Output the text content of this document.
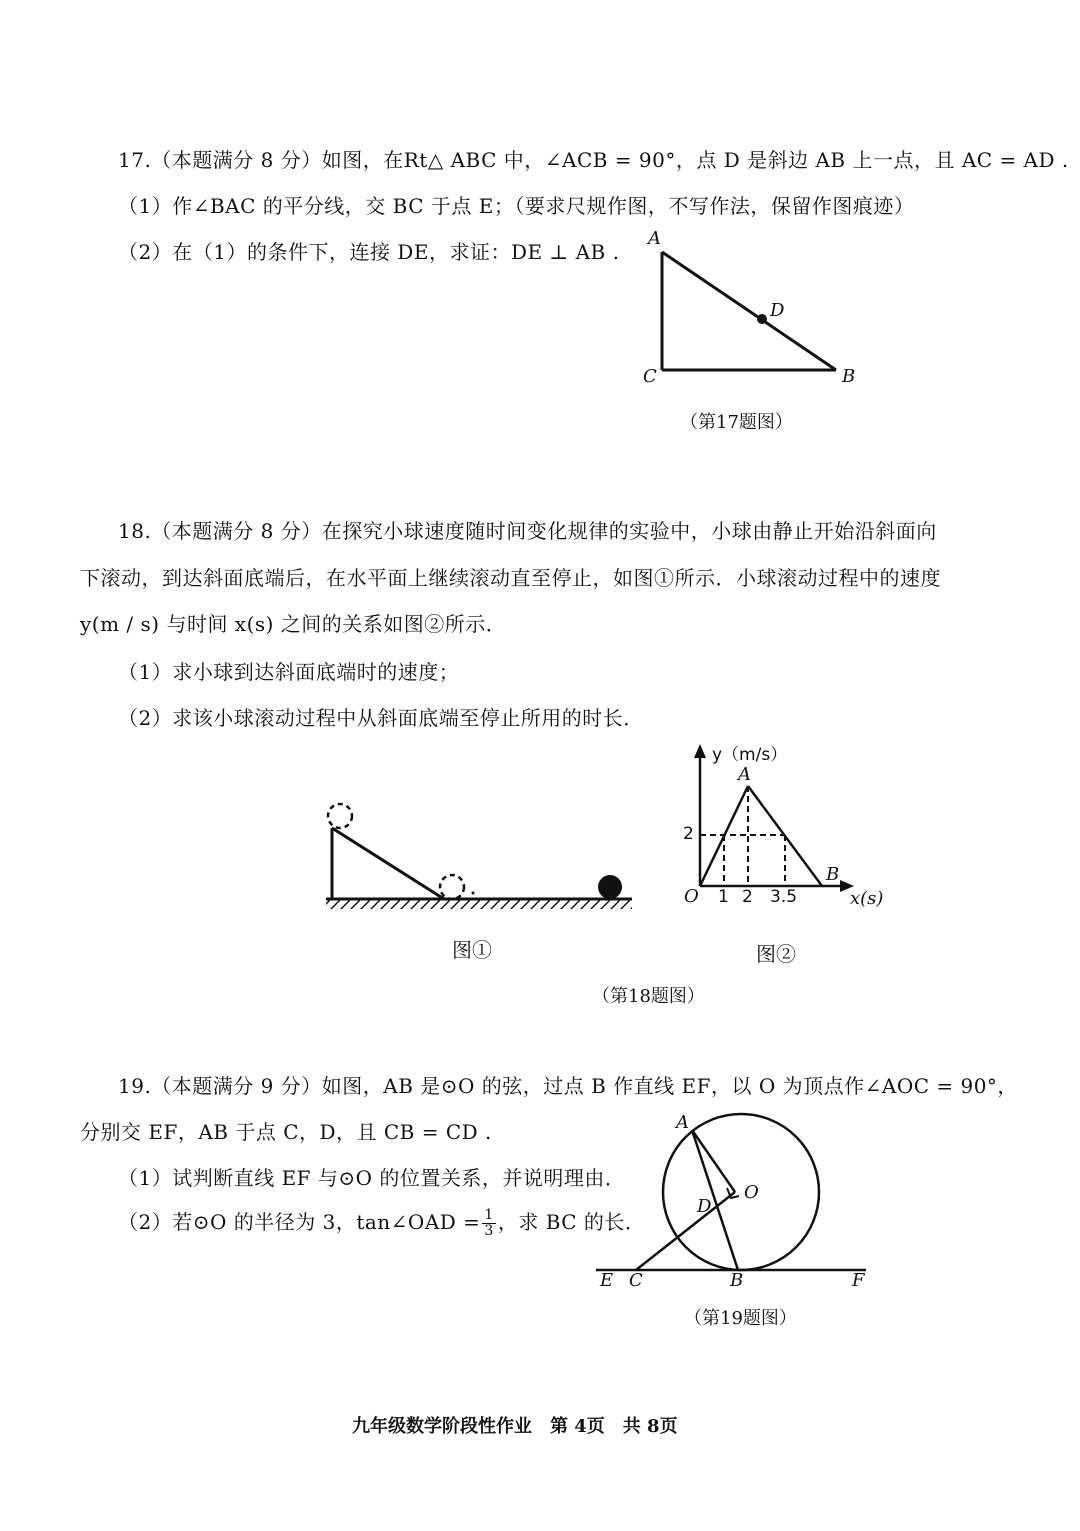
17.（本题满分 8 分）如图，在Rt△ ABC 中，∠ACB = 90°，点 D 是斜边 AB 上一点，且 AC = AD .
（1）作∠BAC 的平分线，交 BC 于点 E；（要求尺规作图，不写作法，保留作图痕迹）
（2）在（1）的条件下，连接 DE，求证：DE ⊥ AB .
A
D
C	B
（第17题图）
18.（本题满分 8 分）在探究小球速度随时间变化规律的实验中，小球由静止开始沿斜面向
下滚动，到达斜面底端后，在水平面上继续滚动直至停止，如图①所示．小球滚动过程中的速度
y(m / s) 与时间 x(s) 之间的关系如图②所示．
（1）求小球到达斜面底端时的速度；
（2）求该小球滚动过程中从斜面底端至停止所用的时长．
图①
y（m/s）
A
2
O 1 2 3.5
B
x(s)
图②
（第18题图）
19.（本题满分 9 分）如图，AB 是⊙O 的弦，过点 B 作直线 EF，以 O 为顶点作∠AOC = 90°，
分别交 EF，AB 于点 C，D，且 CB = CD .
（1）试判断直线 EF 与⊙O 的位置关系，并说明理由．
（2）若⊙O 的半径为 3，tan∠OAD = $\frac{1}{3}$ ，求 BC 的长．
A
O
D
E C	B	F
（第19题图）
九年级数学阶段性作业　第 4页　共 8页
